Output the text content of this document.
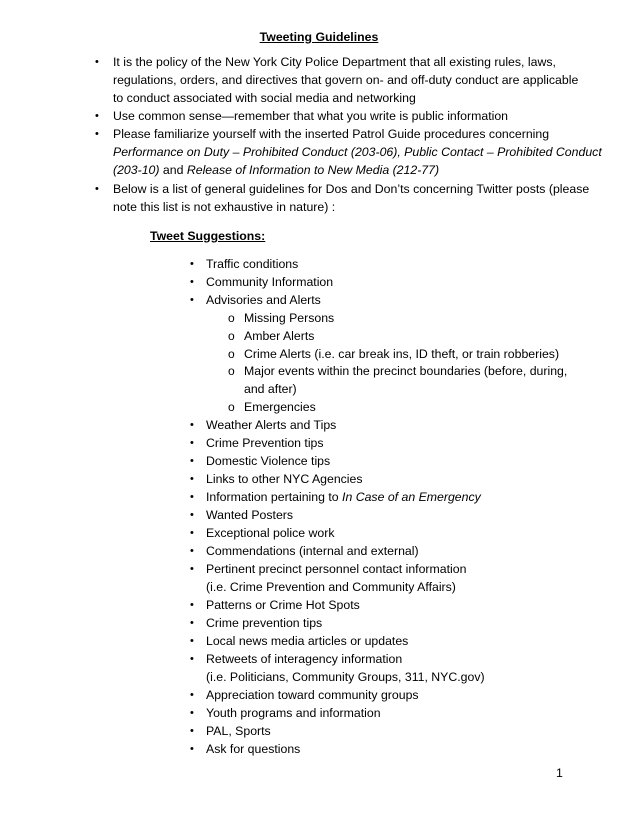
Tweeting Guidelines
• It is the policy of the New York City Police Department that all existing rules, laws,
regulations, orders, and directives that govern on- and off-duty conduct are applicable
to conduct associated with social media and networking
• Use common sense—remember that what you write is public information
• Please familiarize yourself with the inserted Patrol Guide procedures concerning
Performance on Duty – Prohibited Conduct (203-06), Public Contact – Prohibited Conduct
(203-10) and Release of Information to New Media (212-77)
• Below is a list of general guidelines for Dos and Don’ts concerning Twitter posts (please
note this list is not exhaustive in nature) :
Tweet Suggestions:
• Traffic conditions
• Community Information
• Advisories and Alerts
o Missing Persons
o Amber Alerts
o Crime Alerts (i.e. car break ins, ID theft, or train robberies)
o Major events within the precinct boundaries (before, during,
and after)
o Emergencies
• Weather Alerts and Tips
• Crime Prevention tips
• Domestic Violence tips
• Links to other NYC Agencies
• Information pertaining to In Case of an Emergency
• Wanted Posters
• Exceptional police work
• Commendations (internal and external)
• Pertinent precinct personnel contact information
(i.e. Crime Prevention and Community Affairs)
• Patterns or Crime Hot Spots
• Crime prevention tips
• Local news media articles or updates
• Retweets of interagency information
(i.e. Politicians, Community Groups, 311, NYC.gov)
• Appreciation toward community groups
• Youth programs and information
• PAL, Sports
• Ask for questions
1
